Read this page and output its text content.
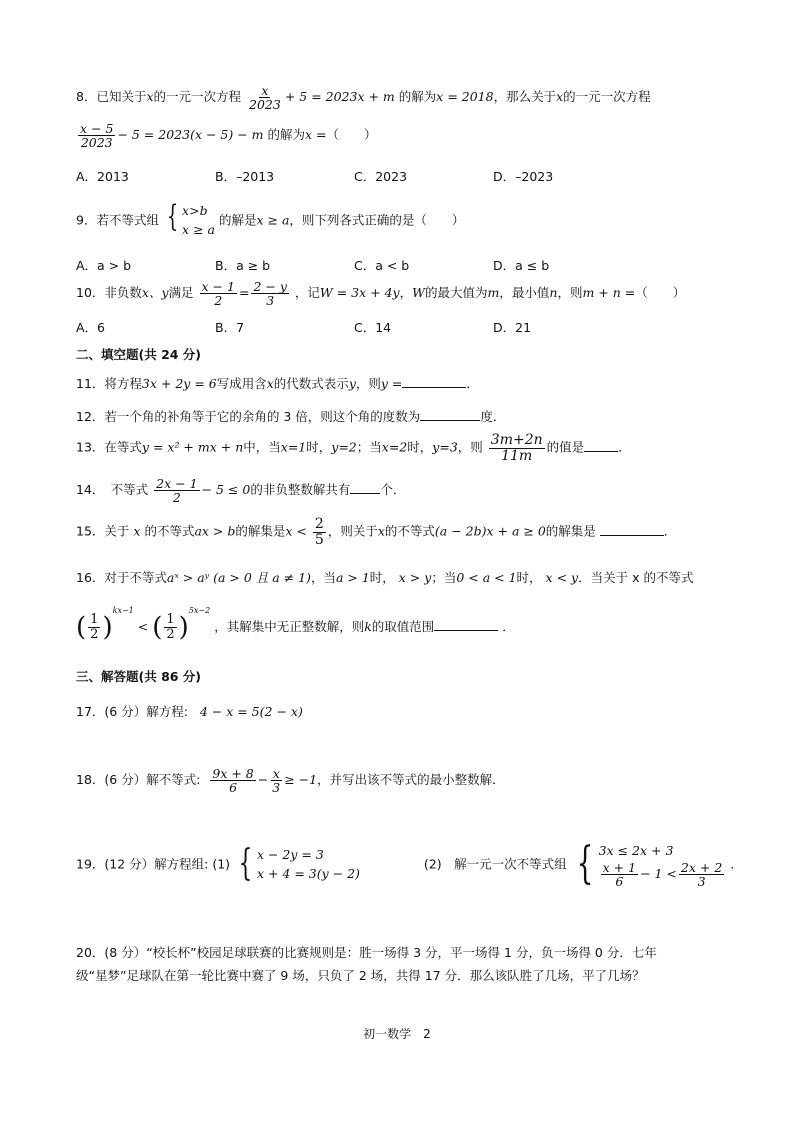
8．已知关于x的一元一次方程 $\frac{x}{2023} + 5 = 2023x + m$ 的解为x = 2018，那么关于x的一元一次方程
$\frac{x - 5}{2023} - 5 = 2023(x - 5) - m$ 的解为x =（　　）
A．2013	B．–2013	C．2023	D．–2023
9．若不等式组 { x>b
x ≥ a
的解是x ≥ a，则下列各式正确的是（　　）
A．a > b	B．a ≥ b	C．a < b	D．a ≤ b
10．非负数x、y满足 $\frac{x - 1}{2} = \frac{2 - y}{3}$ ，记W = 3x + 4y，W的最大值为m，最小值n，则m + n =（　　）
A．6	B．7	C．14	D．21
二、填空题(共 24 分)
11．将方程3x + 2y = 6写成用含x的代数式表示y，则y =	．
12．若一个角的补角等于它的余角的 3 倍，则这个角的度数为	度．
13．在等式y = x² + mx + n中，当x=1时，y=2；当x=2时，y=3，则 $\frac{3m+2n}{11m}$ 的值是	．
14．　不等式 $\frac{2x - 1}{2} - 5 \le 0$的非负整数解共有 个．
15．关于 x 的不等式ax > b的解集是$x < \frac{2}{5}$ ，则关于x的不等式(a − 2b)x + a ≥ 0的解集是	．
16．对于不等式aˣ > aʸ (a > 0 且 a ≠ 1)，当a > 1时， x > y；当0 < a < 1时， x < y．当关于 x 的不等式
( $\frac{1}{2} )^{kx-1}$ < ( $\frac{1}{2} )^{5x-2}$ ，其解集中无正整数解，则k的取值范围	．
三、解答题(共 86 分)
17．(6 分）解方程: 4 − x = 5(2 − x)
18．(6 分）解不等式: $\frac{9x + 8}{6} - \frac{x}{3} \ge -1$，并写出该不等式的最小整数解．
19．(12 分）解方程组: (1) { x − 2y = 3
x + 4 = 3(y − 2)
(2)　解一元一次不等式组 { 3x ≤ 2x + 3
$\frac{x + 1}{6} - 1 < \frac{2x + 2}{3}$ .
20．(8 分）“校长杯”校园足球联赛的比赛规则是：胜一场得 3 分，平一场得 1 分，负一场得 0 分．七年
级“星梦”足球队在第一轮比赛中赛了 9 场，只负了 2 场，共得 17 分．那么该队胜了几场，平了几场？
初一数学　2
